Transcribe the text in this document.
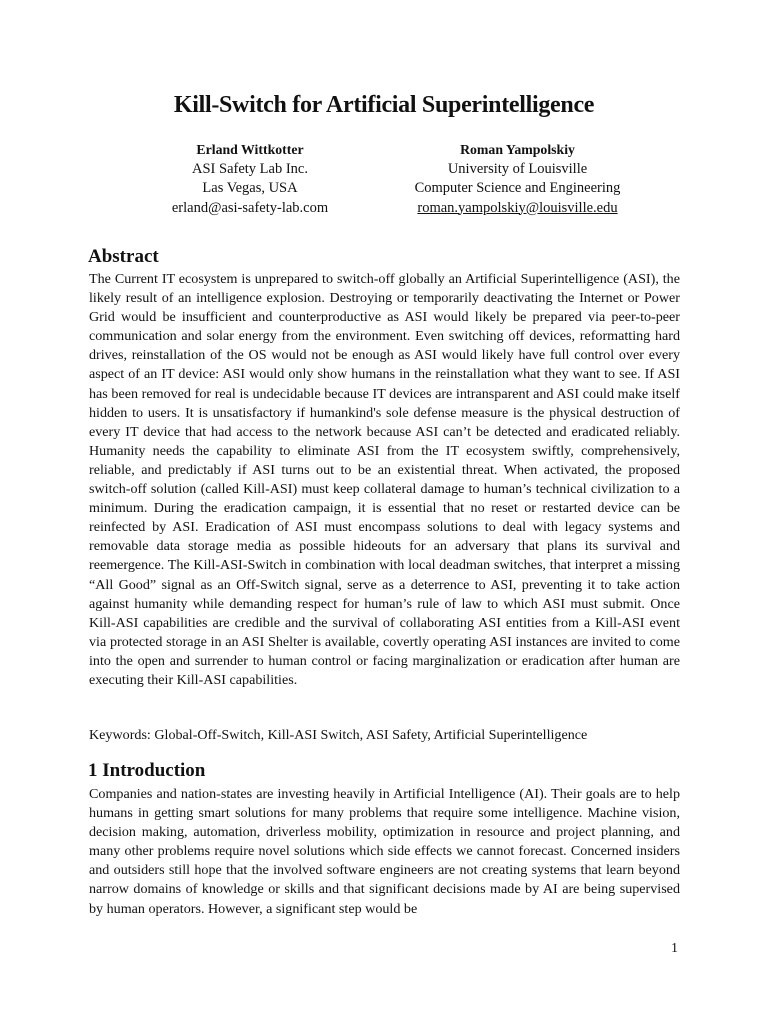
Kill-Switch for Artificial Superintelligence
Erland Wittkotter
ASI Safety Lab Inc.
Las Vegas, USA
erland@asi-safety-lab.com
Roman Yampolskiy
University of Louisville
Computer Science and Engineering
roman.yampolskiy@louisville.edu
Abstract

The Current IT ecosystem is unprepared to switch-off globally an Artificial Superintelligence (ASI), the likely result of an intelligence explosion. Destroying or temporarily deactivating the Internet or Power Grid would be insufficient and counterproductive as ASI would likely be prepared via peer-to-peer communication and solar energy from the environment. Even switching off devices, reformatting hard drives, reinstallation of the OS would not be enough as ASI would likely have full control over every aspect of an IT device: ASI would only show humans in the reinstallation what they want to see. If ASI has been removed for real is undecidable because IT devices are intransparent and ASI could make itself hidden to users. It is unsatisfactory if humankind's sole defense measure is the physical destruction of every IT device that had access to the network because ASI can’t be detected and eradicated reliably. Humanity needs the capability to eliminate ASI from the IT ecosystem swiftly, comprehensively, reliable, and predictably if ASI turns out to be an existential threat. When activated, the proposed switch-off solution (called Kill-ASI) must keep collateral damage to human’s technical civilization to a minimum. During the eradication campaign, it is essential that no reset or restarted device can be reinfected by ASI. Eradication of ASI must encompass solutions to deal with legacy systems and removable data storage media as possible hideouts for an adversary that plans its survival and reemergence. The Kill-ASI-Switch in combination with local deadman switches, that interpret a missing “All Good” signal as an Off-Switch signal, serve as a deterrence to ASI, preventing it to take action against humanity while demanding respect for human’s rule of law to which ASI must submit. Once Kill-ASI capabilities are credible and the survival of collaborating ASI entities from a Kill-ASI event via protected storage in an ASI Shelter is available, covertly operating ASI instances are invited to come into the open and surrender to human control or facing marginalization or eradication after human are executing their Kill-ASI capabilities.

Keywords: Global-Off-Switch, Kill-ASI Switch, ASI Safety, Artificial Superintelligence

1 Introduction

Companies and nation-states are investing heavily in Artificial Intelligence (AI). Their goals are to help humans in getting smart solutions for many problems that require some intelligence. Machine vision, decision making, automation, driverless mobility, optimization in resource and project planning, and many other problems require novel solutions which side effects we cannot forecast. Concerned insiders and outsiders still hope that the involved software engineers are not creating systems that learn beyond narrow domains of knowledge or skills and that significant decisions made by AI are being supervised by human operators. However, a significant step would be

1
